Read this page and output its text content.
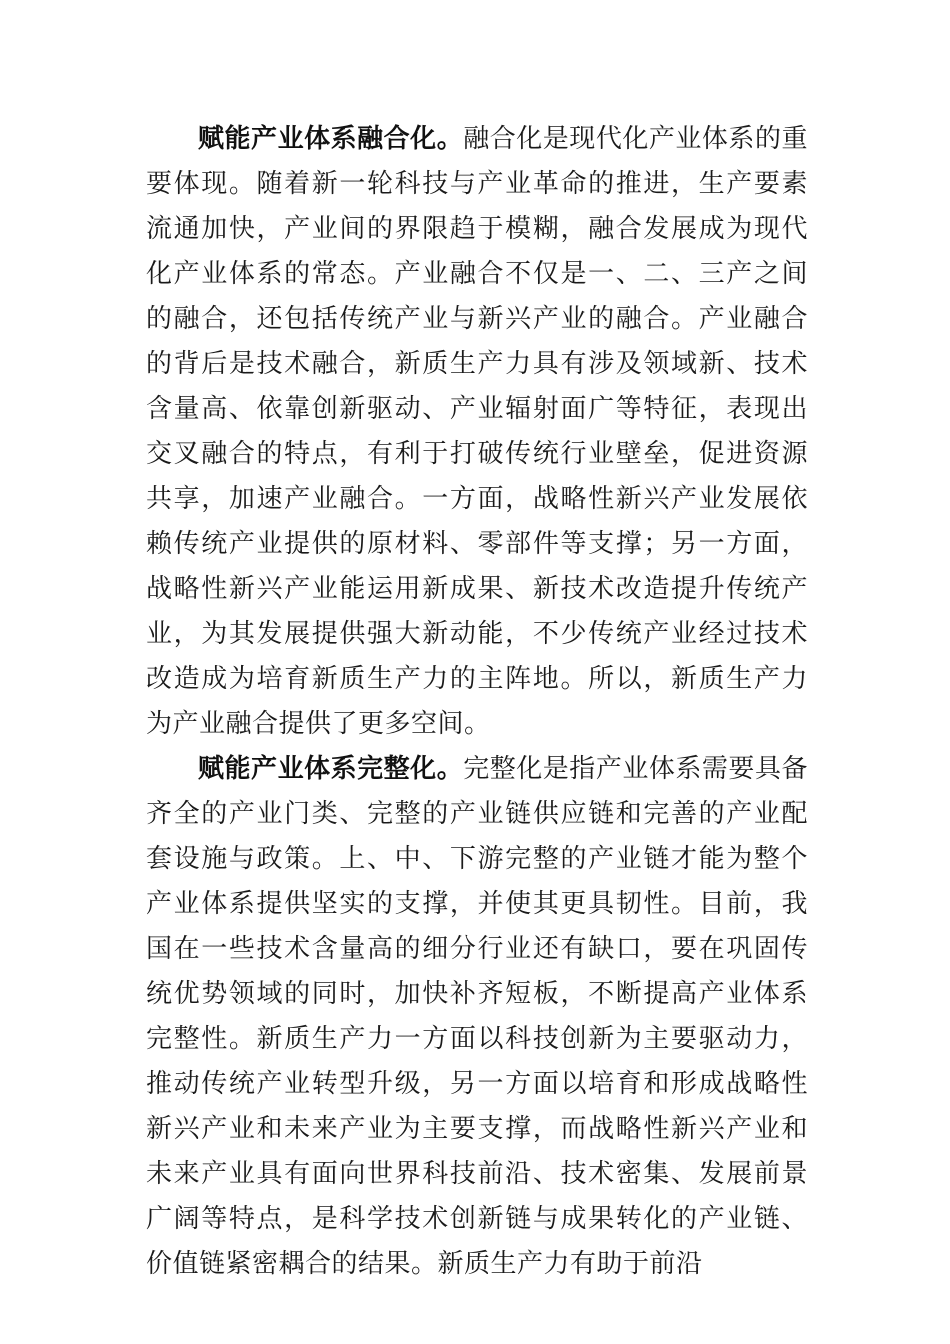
赋能产业体系融合化。融合化是现代化产业体系的重要体现。随着新一轮科技与产业革命的推进，生产要素流通加快，产业间的界限趋于模糊，融合发展成为现代化产业体系的常态。产业融合不仅是一、二、三产之间的融合，还包括传统产业与新兴产业的融合。产业融合的背后是技术融合，新质生产力具有涉及领域新、技术含量高、依靠创新驱动、产业辐射面广等特征，表现出交叉融合的特点，有利于打破传统行业壁垒，促进资源共享，加速产业融合。一方面，战略性新兴产业发展依赖传统产业提供的原材料、零部件等支撑；另一方面，战略性新兴产业能运用新成果、新技术改造提升传统产业，为其发展提供强大新动能，不少传统产业经过技术改造成为培育新质生产力的主阵地。所以，新质生产力为产业融合提供了更多空间。

赋能产业体系完整化。完整化是指产业体系需要具备齐全的产业门类、完整的产业链供应链和完善的产业配套设施与政策。上、中、下游完整的产业链才能为整个产业体系提供坚实的支撑，并使其更具韧性。目前，我国在一些技术含量高的细分行业还有缺口，要在巩固传统优势领域的同时，加快补齐短板，不断提高产业体系完整性。新质生产力一方面以科技创新为主要驱动力，推动传统产业转型升级，另一方面以培育和形成战略性新兴产业和未来产业为主要支撑，而战略性新兴产业和未来产业具有面向世界科技前沿、技术密集、发展前景广阔等特点，是科学技术创新链与成果转化的产业链、价值链紧密耦合的结果。新质生产力有助于前沿
